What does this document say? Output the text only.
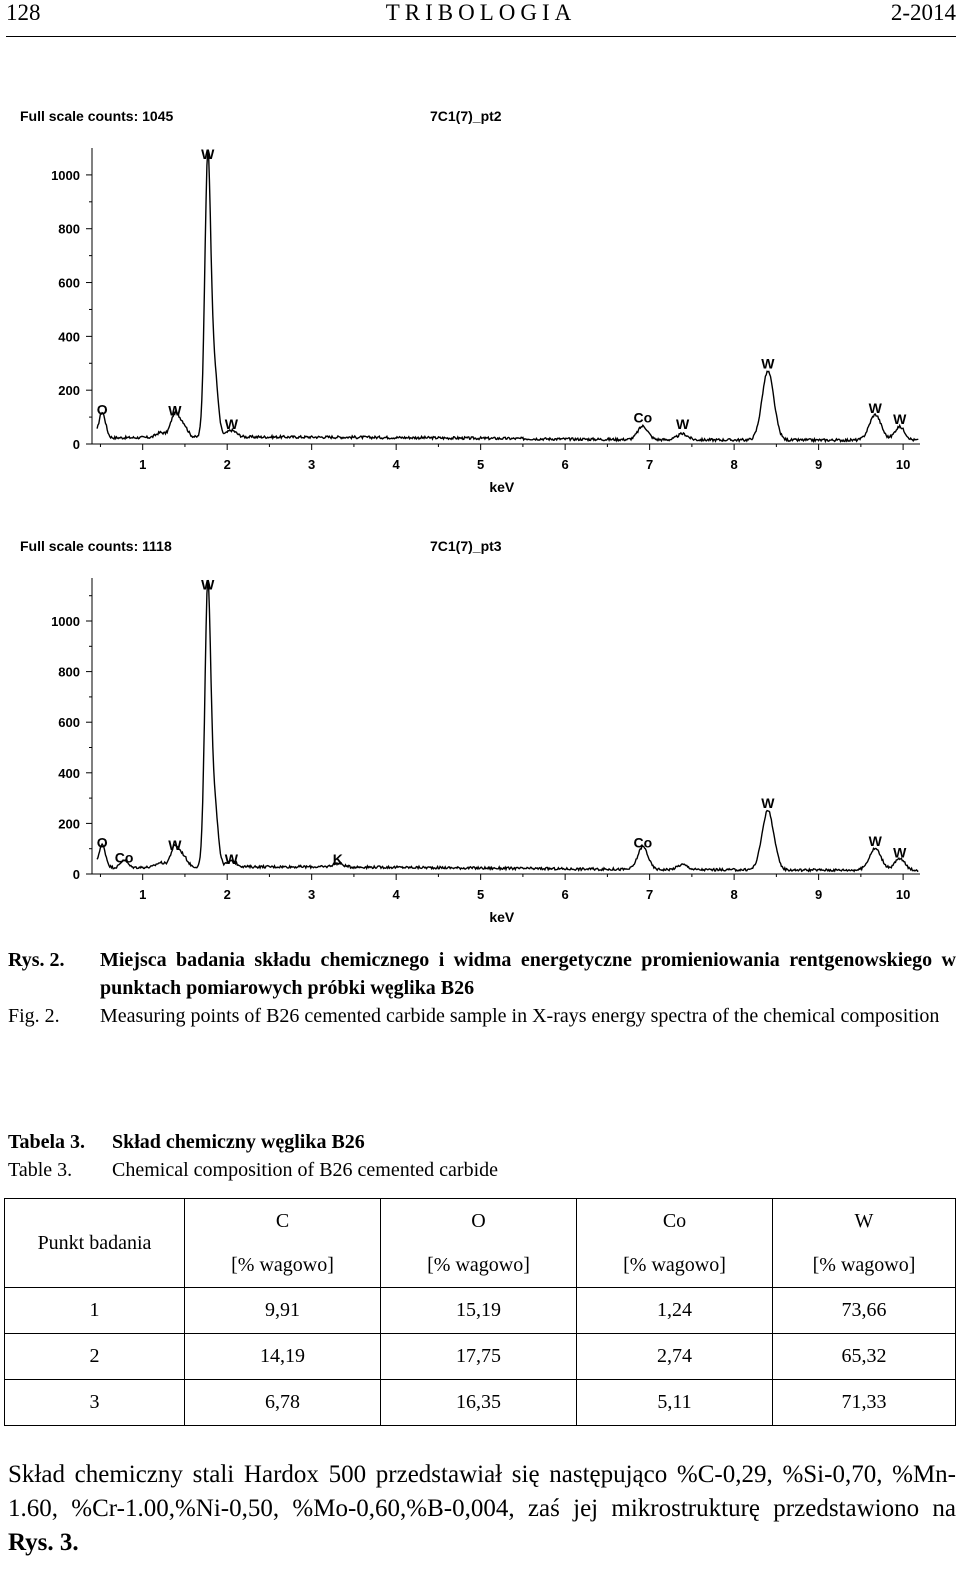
128	TRIBOLOGIA	2-2014
Full scale counts: 1045	7C1(7)_pt2
1	2	3	4	5	6	7	8	9	10
0
200
400
600
800
1000
keV
O	W
W
W	Co W
W
W
W
Full scale counts: 1118	7C1(7)_pt3
1	2	3	4	5	6	7	8	9	10
0
200
400
600
800
1000
keV
O
Co
W
W
W	K
Co
W
W
W
Rys. 2. Miejsca badania składu chemicznego i widma energetyczne promieniowania rentgenowskiego w punktach pomiarowych próbki węglika B26
Fig. 2. Measuring points of B26 cemented carbide sample in X-rays energy spectra of the chemical composition
Tabela 3. Skład chemiczny węglika B26
Table 3. Chemical composition of B26 cemented carbide
Punkt badania	C	O	Co	W
	[% wagowo]	[% wagowo]	[% wagowo]	[% wagowo]
1	9,91	15,19	1,24	73,66
2	14,19	17,75	2,74	65,32
3	6,78	16,35	5,11	71,33
Skład chemiczny stali Hardox 500 przedstawiał się następująco %C-0,29, %Si-0,70, %Mn-1.60, %Cr-1.00,%Ni-0,50, %Mo-0,60,%B-0,004, zaś jej mikrostrukturę przedstawiono na Rys. 3.
